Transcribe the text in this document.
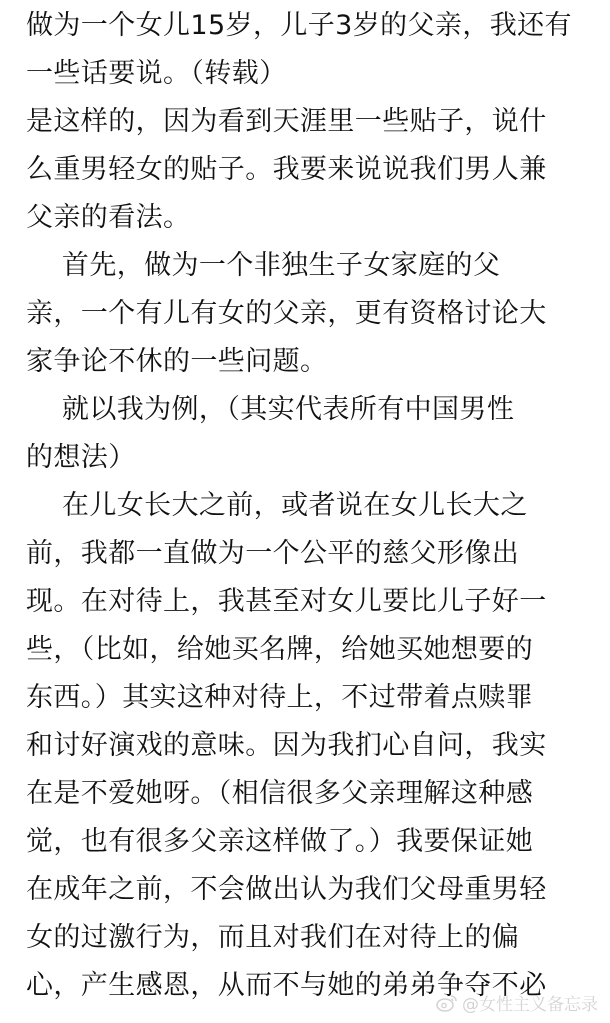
做为一个女儿15岁，儿子3岁的父亲，我还有
一些话要说。（转载）
是这样的，因为看到天涯里一些贴子，说什
么重男轻女的贴子。我要来说说我们男人兼
父亲的看法。
首先，做为一个非独生子女家庭的父
亲，一个有儿有女的父亲，更有资格讨论大
家争论不休的一些问题。
就以我为例，（其实代表所有中国男性
的想法）
在儿女长大之前，或者说在女儿长大之
前，我都一直做为一个公平的慈父形像出
现。在对待上，我甚至对女儿要比儿子好一
些，（比如，给她买名牌，给她买她想要的
东西。）其实这种对待上，不过带着点赎罪
和讨好演戏的意味。因为我扪心自问，我实
在是不爱她呀。（相信很多父亲理解这种感
觉，也有很多父亲这样做了。）我要保证她
在成年之前，不会做出认为我们父母重男轻
女的过激行为，而且对我们在对待上的偏
心，产生感恩，从而不与她的弟弟争夺不必
@女性主义备忘录
